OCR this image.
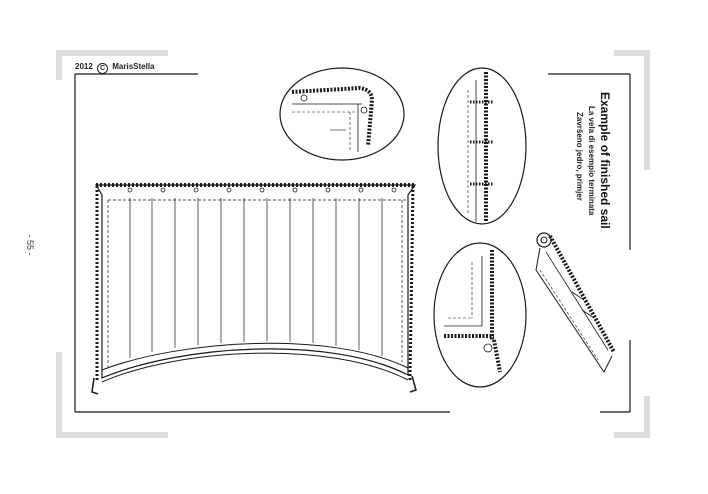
2012 C MarisStella
- 55 -
Example of finished sail
La vela di esempio terminata
Završeno jedro, primjer
